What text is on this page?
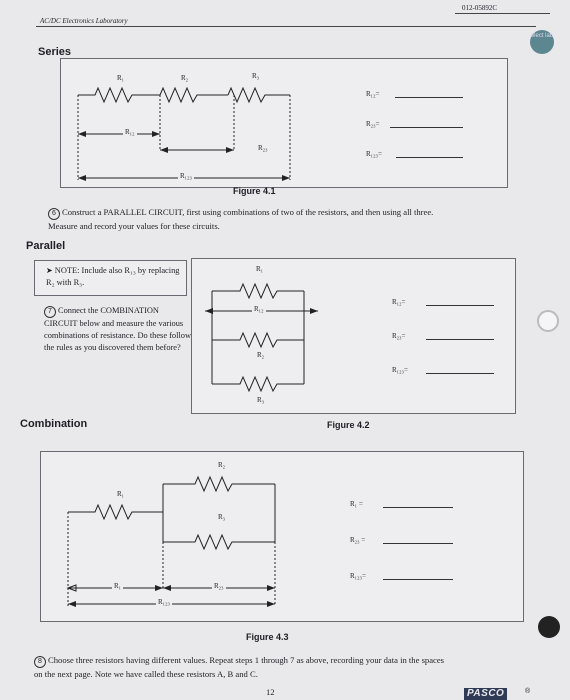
AC/DC Electronics Laboratory
012-05892C
elect lab
Series
R₁	R₂	R₃
R₁₂
R₂₃
R₁₂₃
R₁₂=
R₂₃=
R₁₂₃=
Figure 4.1
6 Construct a PARALLEL CIRCUIT, first using combinations of two of the resistors, and then using all three. Measure and record your values for these circuits.
Parallel
➤ NOTE: Include also R₁₃ by replacing R₂ with R₃.
7 Connect the COMBINATION CIRCUIT below and measure the various combinations of resistance. Do these follow the rules as you discovered them before?
R₁
R₁₂
R₂
R₃
R₁₂=
R₂₃=
R₁₂₃=
Figure 4.2
Combination
R₁
R₂
R₃
R₁	R₂₃
R₁₂₃
R₁ =
R₂₃ =
R₁₂₃=
Figure 4.3
8 Choose three resistors having different values. Repeat steps 1 through 7 as above, recording your data in the spaces on the next page. Note we have called these resistors A, B and C.
12	PASCO	®
